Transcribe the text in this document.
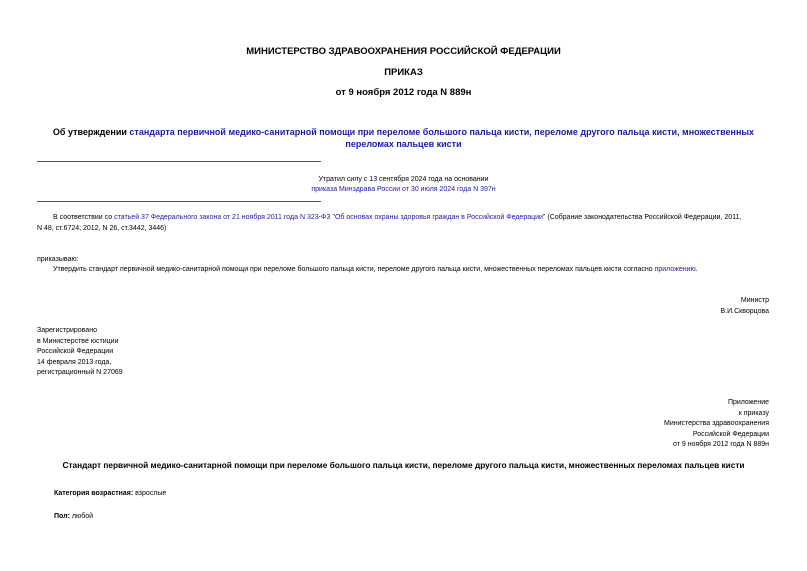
МИНИСТЕРСТВО ЗДРАВООХРАНЕНИЯ РОССИЙСКОЙ ФЕДЕРАЦИИ
ПРИКАЗ
от 9 ноября 2012 года N 889н
Об утверждении стандарта первичной медико-санитарной помощи при переломе большого пальца кисти, переломе другого пальца кисти, множественных
переломах пальцев кисти
Утратил силу с 13 сентября 2024 года на основании
приказа Минздрава России от 30 июля 2024 года N 397н
В соответствии со статьей 37 Федерального закона от 21 ноября 2011 года N 323-ФЗ "Об основах охраны здоровья граждан в Российской Федерации" (Собрание законодательства Российской Федерации, 2011,
N 48, ст.6724; 2012, N 26, ст.3442, 3446)
приказываю:
Утвердить стандарт первичной медико-санитарной помощи при переломе большого пальца кисти, переломе другого пальца кисти, множественных переломах пальцев кисти согласно приложению.
Министр
В.И.Скворцова
Зарегистрировано
в Министерстве юстиции
Российской Федерации
14 февраля 2013 года,
регистрационный N 27069
Приложение
к приказу
Министерства здравоохранения
Российской Федерации
от 9 ноября 2012 года N 889н
Стандарт первичной медико-санитарной помощи при переломе большого пальца кисти, переломе другого пальца кисти, множественных переломах пальцев кисти
Категория возрастная: взрослые
Пол: любой
